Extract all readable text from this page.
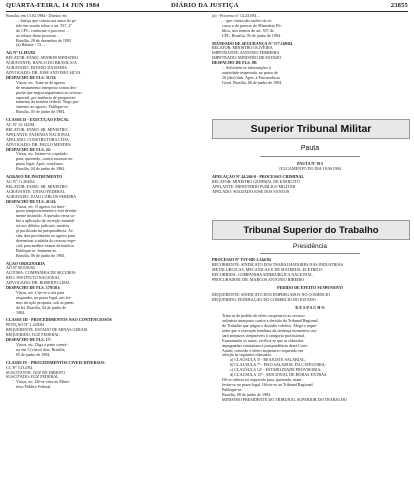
QUARTA-FEIRA, 14 JUN 1984	DIÁRIO DA JUSTIÇA	23855
Brasília, em 13.02.1984 - Diretor, etc.
... Justiça que consta nos autos do pr-
tido em sessão sobre o art. 557, 2º
do CPC, conforme o processo ...
ao relator deste processo ...
Brasília, 28 de dezembro de 1983
(a) Relator - 13 ...
AG Nº 11.183/84
RELATOR: EXMO. SENHOR MINISTRO
AGRAVANTE: BANCO DO BRASIL S/A
AGRAVADO: ESTADO DA BAHIA
ADVOGADO: DR. JOSÉ ANTÔNIO SILVA
DESPACHO DE FLS. 31/33:
Vistos, etc. Trata-se de agravo
de instrumento interposto contra des-
pacho que negou seguimento ao recurso
especial, por ausência de prequestio-
namento da matéria federal. Nego pro-
vimento ao agravo. Publique-se.
Brasília, 05 de junho de 1984.
CLASSE II - EXECUÇÃO FISCAL
AC Nº 13.142/84
RELATOR: EXMO. SR. MINISTRO
APELANTE: FAZENDA NACIONAL
APELADO: CONSTRUTORA LTDA
ADVOGADO: DR. PAULO MENDES
DESPACHO DE FLS. 22:
Vistos, etc. Intime-se o apelado
para, querendo, contra-arrazoar no
prazo legal. Após, conclusos.
Brasília, 04 de junho de 1984.
AGRAVO DE INSTRUMENTO
AG Nº 11.204/84
RELATOR: EXMO. SR. MINISTRO
AGRAVANTE: UNIÃO FEDERAL
AGRAVADO: JOÃO CARLOS PEREIRA
DESPACHO DE FLS. 41/43:
Vistos, etc. O agravo foi inter-
posto tempestivamente e está devida-
mente instruído. A questão versa so-
bre a aplicação da correção monetá-
ria aos débitos judiciais, matéria
já pacificada na jurisprudência. As-
sim, dou provimento ao agravo para
determinar a subida do recurso espe-
cial, para melhor exame da matéria.
Publique-se. Intimem-se.
Brasília, 06 de junho de 1984.
AÇÃO ORIGINÁRIA
AO Nº 00.038/84
AUTORA: COMPANHIA DE SEGUROS
RÉU: INSTITUTO NACIONAL
ADVOGADO: DR. ROBERTO LIMA
DESPACHO DE FLS. 179/181:
Vistos, etc. Cite-se o réu para
responder, no prazo legal, aos ter-
mos da ação proposta, sob as penas
da lei. Brasília, 04 de junho de
1984.
CLASSE III - PROCEDIMENTOS NÃO CONTENCIOSOS
PETIÇÃO Nº 1.228/84
REQUERENTE: ESTADO DE MINAS GERAIS
REQUERIDO: JUIZ FEDERAL
DESPACHO DE FLS. 17:
Vistos, etc. Diga a parte contrá-
ria em 5 (cinco) dias. Brasília,
05 de junho de 1984.
CLASSE IV - PROCEDIMENTOS CÍVEIS DIVERSOS
CC Nº 5.112/84
SUSCITANTE: JUIZ DE DIREITO
SUSCITADO: JUIZ FEDERAL
Vistos, etc. Dê-se vista ao Minis-
tério Público Federal.
(a) - Processo nº 14.231/84 ...
... que consta das razões do re-
curso e do parecer do Ministério Pú-
blico, nos termos do art. 557 do
CPC. Brasília, 05 de junho de 1984.
MANDADO DE SEGURANÇA Nº 577.169/84
RELATOR: MINISTRO OLIVEIRA
IMPETRANTE: ANTÔNIO FERREIRA
IMPETRADO: MINISTRO DE ESTADO
DESPACHO DE FLS. 98:
... Solicitem-se informações à
autoridade impetrada, no prazo de
10 (dez) dias. Após, à Procuradoria
Geral. Brasília, 06 de junho de 1984.
Superior Tribunal Militar
Pauta
PAUTA Nº 013
JULGAMENTO DO DIA 18.06.1984
APELAÇÃO Nº 44.266-0 - PROCESSO CRIMINAL
RELATOR: MINISTRO GENERAL DE EXÉRCITO
APELANTE: MINISTÉRIO PÚBLICO MILITAR
APELADO: SOLDADO JOSÉ DOS SANTOS
Tribunal Superior do Trabalho
Presidência
PROCESSO Nº TST-RR-2.344/84
RECORRENTE: SINDICATO DOS TRABALHADORES NAS INDÚSTRIAS
METALÚRGICAS, MECÂNICAS E DE MATERIAL ELÉTRICO
RECORRIDA: COMPANHIA SIDERÚRGICA NACIONAL
PROCURADOR: DR. MARCOS ANTÔNIO RIBEIRO
PEDIDO DE EFEITO SUSPENSIVO
REQUERENTE: SINDICATO DOS EMPREGADOS NO COMÉRCIO
REQUERIDO: FEDERAÇÃO DO COMÉRCIO DO ESTADO
D E S P A C H O
Trata-se de pedido de efeito suspensivo ao recurso
ordinário interposto contra a decisão do Tribunal Regional
do Trabalho que julgou o dissídio coletivo. Alega o reque-
rente que a execução imediata da sentença normativa cau-
sará prejuízos irreparáveis à categoria profissional.
Examinados os autos, verifica-se que as cláusulas
impugnadas contrariam a jurisprudência desta Corte.
Assim, concedo o efeito suspensivo requerido em
relação às seguintes cláusulas:
a) CLÁUSULA 3ª - REAJUSTE SALARIAL;
b) CLÁUSULA 7ª - PISO SALARIAL DA CATEGORIA;
c) CLÁUSULA 12ª - ESTABILIDADE PROVISÓRIA;
d) CLÁUSULA 15ª - ADICIONAL DE HORAS EXTRAS.
Dê-se ciência ao requerido para, querendo, mani-
festar-se no prazo legal. Oficie-se ao Tribunal Regional.
Publique-se.
Brasília, 08 de junho de 1984.
MINISTRO PRESIDENTE DO TRIBUNAL SUPERIOR DO TRABALHO
